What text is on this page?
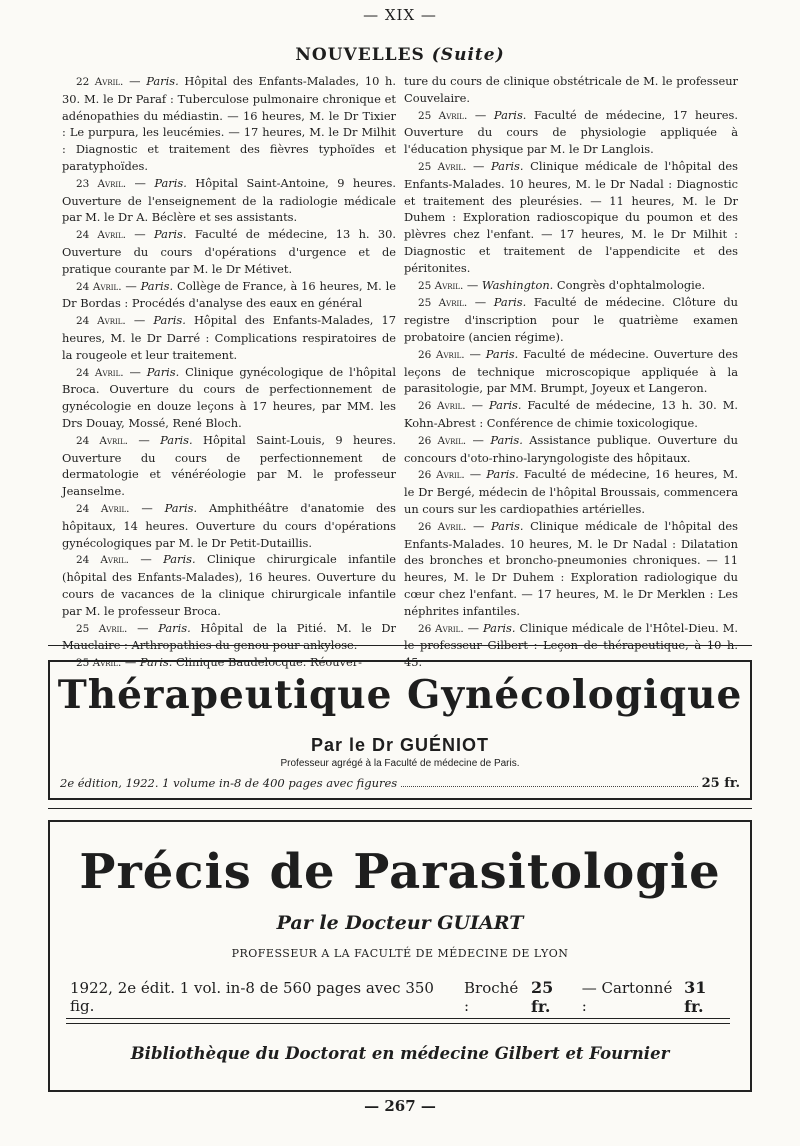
— XIX —
NOUVELLES (Suite)

22 Avril. — Paris. Hôpital des Enfants-Malades, 10 h. 30. M. le Dr Paraf : Tuberculose pulmonaire chronique et adénopathies du médiastin. — 16 heures, M. le Dr Tixier : Le purpura, les leucémies. — 17 heures, M. le Dr Milhit : Diagnostic et traitement des fièvres typhoïdes et paratyphoïdes.

23 Avril. — Paris. Hôpital Saint-Antoine, 9 heures. Ouverture de l'enseignement de la radiologie médicale par M. le Dr A. Béclère et ses assistants.

24 Avril. — Paris. Faculté de médecine, 13 h. 30. Ouverture du cours d'opérations d'urgence et de pratique courante par M. le Dr Métivet.

24 Avril. — Paris. Collège de France, à 16 heures, M. le Dr Bordas : Procédés d'analyse des eaux en général

24 Avril. — Paris. Hôpital des Enfants-Malades, 17 heures, M. le Dr Darré : Complications respiratoires de la rougeole et leur traitement.

24 Avril. — Paris. Clinique gynécologique de l'hôpital Broca. Ouverture du cours de perfectionnement de gynécologie en douze leçons à 17 heures, par MM. les Drs Douay, Mossé, René Bloch.

24 Avril. — Paris. Hôpital Saint-Louis, 9 heures. Ouverture du cours de perfectionnement de dermatologie et vénéréologie par M. le professeur Jeanselme.

24 Avril. — Paris. Amphithéâtre d'anatomie des hôpitaux, 14 heures. Ouverture du cours d'opérations gynécologiques par M. le Dr Petit-Dutaillis.

24 Avril. — Paris. Clinique chirurgicale infantile (hôpital des Enfants-Malades), 16 heures. Ouverture du cours de vacances de la clinique chirurgicale infantile par M. le professeur Broca.

25 Avril. — Paris. Hôpital de la Pitié. M. le Dr Mauclaire : Arthropathies du genou pour ankylose.

25 Avril. — Paris. Clinique Baudelocque. Réouver-

ture du cours de clinique obstétricale de M. le professeur Couvelaire.

25 Avril. — Paris. Faculté de médecine, 17 heures. Ouverture du cours de physiologie appliquée à l'éducation physique par M. le Dr Langlois.

25 Avril. — Paris. Clinique médicale de l'hôpital des Enfants-Malades. 10 heures, M. le Dr Nadal : Diagnostic et traitement des pleurésies. — 11 heures, M. le Dr Duhem : Exploration radioscopique du poumon et des plèvres chez l'enfant. — 17 heures, M. le Dr Milhit : Diagnostic et traitement de l'appendicite et des péritonites.

25 Avril. — Washington. Congrès d'ophtalmologie.

25 Avril. — Paris. Faculté de médecine. Clôture du registre d'inscription pour le quatrième examen probatoire (ancien régime).

26 Avril. — Paris. Faculté de médecine. Ouverture des leçons de technique microscopique appliquée à la parasitologie, par MM. Brumpt, Joyeux et Langeron.

26 Avril. — Paris. Faculté de médecine, 13 h. 30. M. Kohn-Abrest : Conférence de chimie toxicologique.

26 Avril. — Paris. Assistance publique. Ouverture du concours d'oto-rhino-laryngologiste des hôpitaux.

26 Avril. — Paris. Faculté de médecine, 16 heures, M. le Dr Bergé, médecin de l'hôpital Broussais, commencera un cours sur les cardiopathies artérielles.

26 Avril. — Paris. Clinique médicale de l'hôpital des Enfants-Malades. 10 heures, M. le Dr Nadal : Dilatation des bronches et broncho-pneumonies chroniques. — 11 heures, M. le Dr Duhem : Exploration radiologique du cœur chez l'enfant. — 17 heures, M. le Dr Merklen : Les néphrites infantiles.

26 Avril. — Paris. Clinique médicale de l'Hôtel-Dieu. M. le professeur Gilbert : Leçon de thérapeutique, à 10 h. 45.

Thérapeutique Gynécologique
Par le Dr GUÉNIOT
Professeur agrégé à la Faculté de médecine de Paris.
2e édition, 1922. 1 volume in-8 de 400 pages avec figures	25 fr.
Précis de Parasitologie
Par le Docteur GUIART
PROFESSEUR A LA FACULTÉ DE MÉDECINE DE LYON
1922, 2e édit. 1 vol. in-8 de 560 pages avec 350 fig.
Broché :

25 fr.

— Cartonné :

31 fr.
Bibliothèque du Doctorat en médecine Gilbert et Fournier
— 267 —
